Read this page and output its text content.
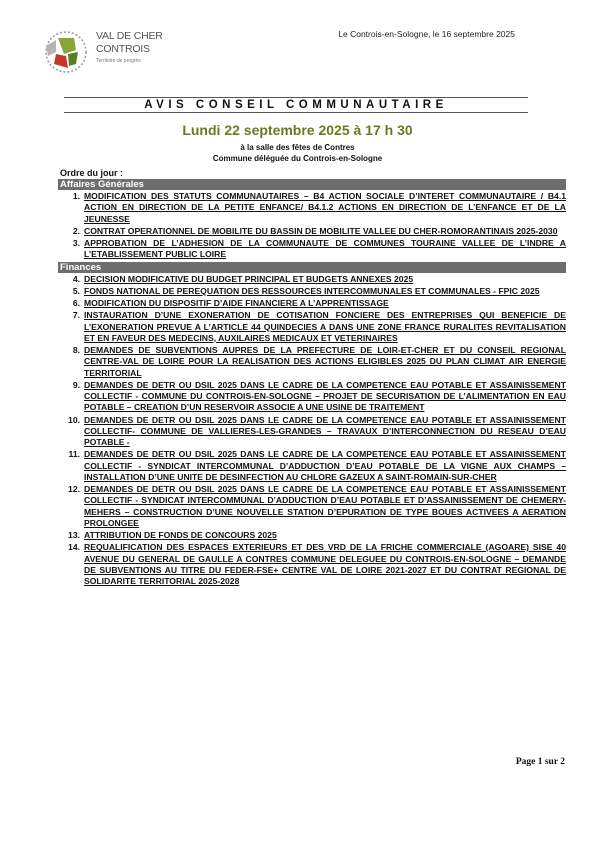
VAL DE CHER
CONTROIS
Territoire de progrès
Le Controis-en-Sologne, le 16 septembre 2025
AVIS CONSEIL COMMUNAUTAIRE
Lundi 22 septembre 2025 à 17 h 30
à la salle des fêtes de Contres
Commune déléguée du Controis-en-Sologne
Ordre du jour :
Affaires Générales
1. MODIFICATION DES STATUTS COMMUNAUTAIRES – B4 ACTION SOCIALE D’INTERET COMMUNAUTAIRE / B4.1 ACTION EN DIRECTION DE LA PETITE ENFANCE/ B4.1.2 ACTIONS EN DIRECTION DE L’ENFANCE ET DE LA JEUNESSE
2. CONTRAT OPERATIONNEL DE MOBILITE DU BASSIN DE MOBILITE VALLEE DU CHER-ROMORANTINAIS 2025-2030
3. APPROBATION DE L’ADHESION DE LA COMMUNAUTE DE COMMUNES TOURAINE VALLEE DE L’INDRE A L’ETABLISSEMENT PUBLIC LOIRE
Finances
4. DECISION MODIFICATIVE DU BUDGET PRINCIPAL ET BUDGETS ANNEXES 2025
5. FONDS NATIONAL DE PEREQUATION DES RESSOURCES INTERCOMMUNALES ET COMMUNALES - FPIC 2025
6. MODIFICATION DU DISPOSITIF D’AIDE FINANCIERE A L’APPRENTISSAGE
7. INSTAURATION D’UNE EXONERATION DE COTISATION FONCIERE DES ENTREPRISES QUI BENEFICIE DE L’EXONERATION PREVUE A L’ARTICLE 44 QUINDECIES A DANS UNE ZONE FRANCE RURALITES REVITALISATION ET EN FAVEUR DES MEDECINS, AUXILAIRES MEDICAUX ET VETERINAIRES
8. DEMANDES DE SUBVENTIONS AUPRES DE LA PREFECTURE DE LOIR-ET-CHER ET DU CONSEIL REGIONAL CENTRE-VAL DE LOIRE POUR LA REALISATION DES ACTIONS ELIGIBLES 2025 DU PLAN CLIMAT AIR ENERGIE TERRITORIAL
9. DEMANDES DE DETR OU DSIL 2025 DANS LE CADRE DE LA COMPETENCE EAU POTABLE ET ASSAINISSEMENT COLLECTIF - COMMUNE DU CONTROIS-EN-SOLOGNE – PROJET DE SECURISATION DE L’ALIMENTATION EN EAU POTABLE – CREATION D’UN RESERVOIR ASSOCIE A UNE USINE DE TRAITEMENT
10. DEMANDES DE DETR OU DSIL 2025 DANS LE CADRE DE LA COMPETENCE EAU POTABLE ET ASSAINISSEMENT COLLECTIF- COMMUNE DE VALLIERES-LES-GRANDES – TRAVAUX D’INTERCONNECTION DU RESEAU D’EAU POTABLE -
11. DEMANDES DE DETR OU DSIL 2025 DANS LE CADRE DE LA COMPETENCE EAU POTABLE ET ASSAINISSEMENT COLLECTIF - SYNDICAT INTERCOMMUNAL D’ADDUCTION D’EAU POTABLE DE LA VIGNE AUX CHAMPS – INSTALLATION D’UNE UNITE DE DESINFECTION AU CHLORE GAZEUX A SAINT-ROMAIN-SUR-CHER
12. DEMANDES DE DETR OU DSIL 2025 DANS LE CADRE DE LA COMPETENCE EAU POTABLE ET ASSAINISSEMENT COLLECTIF - SYNDICAT INTERCOMMUNAL D’ADDUCTION D’EAU POTABLE ET D’ASSAINISSEMENT DE CHEMERY-MEHERS – CONSTRUCTION D’UNE NOUVELLE STATION D’EPURATION DE TYPE BOUES ACTIVEES A AERATION PROLONGEE
13. ATTRIBUTION DE FONDS DE CONCOURS 2025
14. REQUALIFICATION DES ESPACES EXTERIEURS ET DES VRD DE LA FRICHE COMMERCIALE (AGOARE) SISE 40 AVENUE DU GENERAL DE GAULLE A CONTRES COMMUNE DELEGUEE DU CONTROIS-EN-SOLOGNE – DEMANDE DE SUBVENTIONS AU TITRE DU FEDER-FSE+ CENTRE VAL DE LOIRE 2021-2027 ET DU CONTRAT REGIONAL DE SOLIDARITE TERRITORIAL 2025-2028
Page 1 sur 2
